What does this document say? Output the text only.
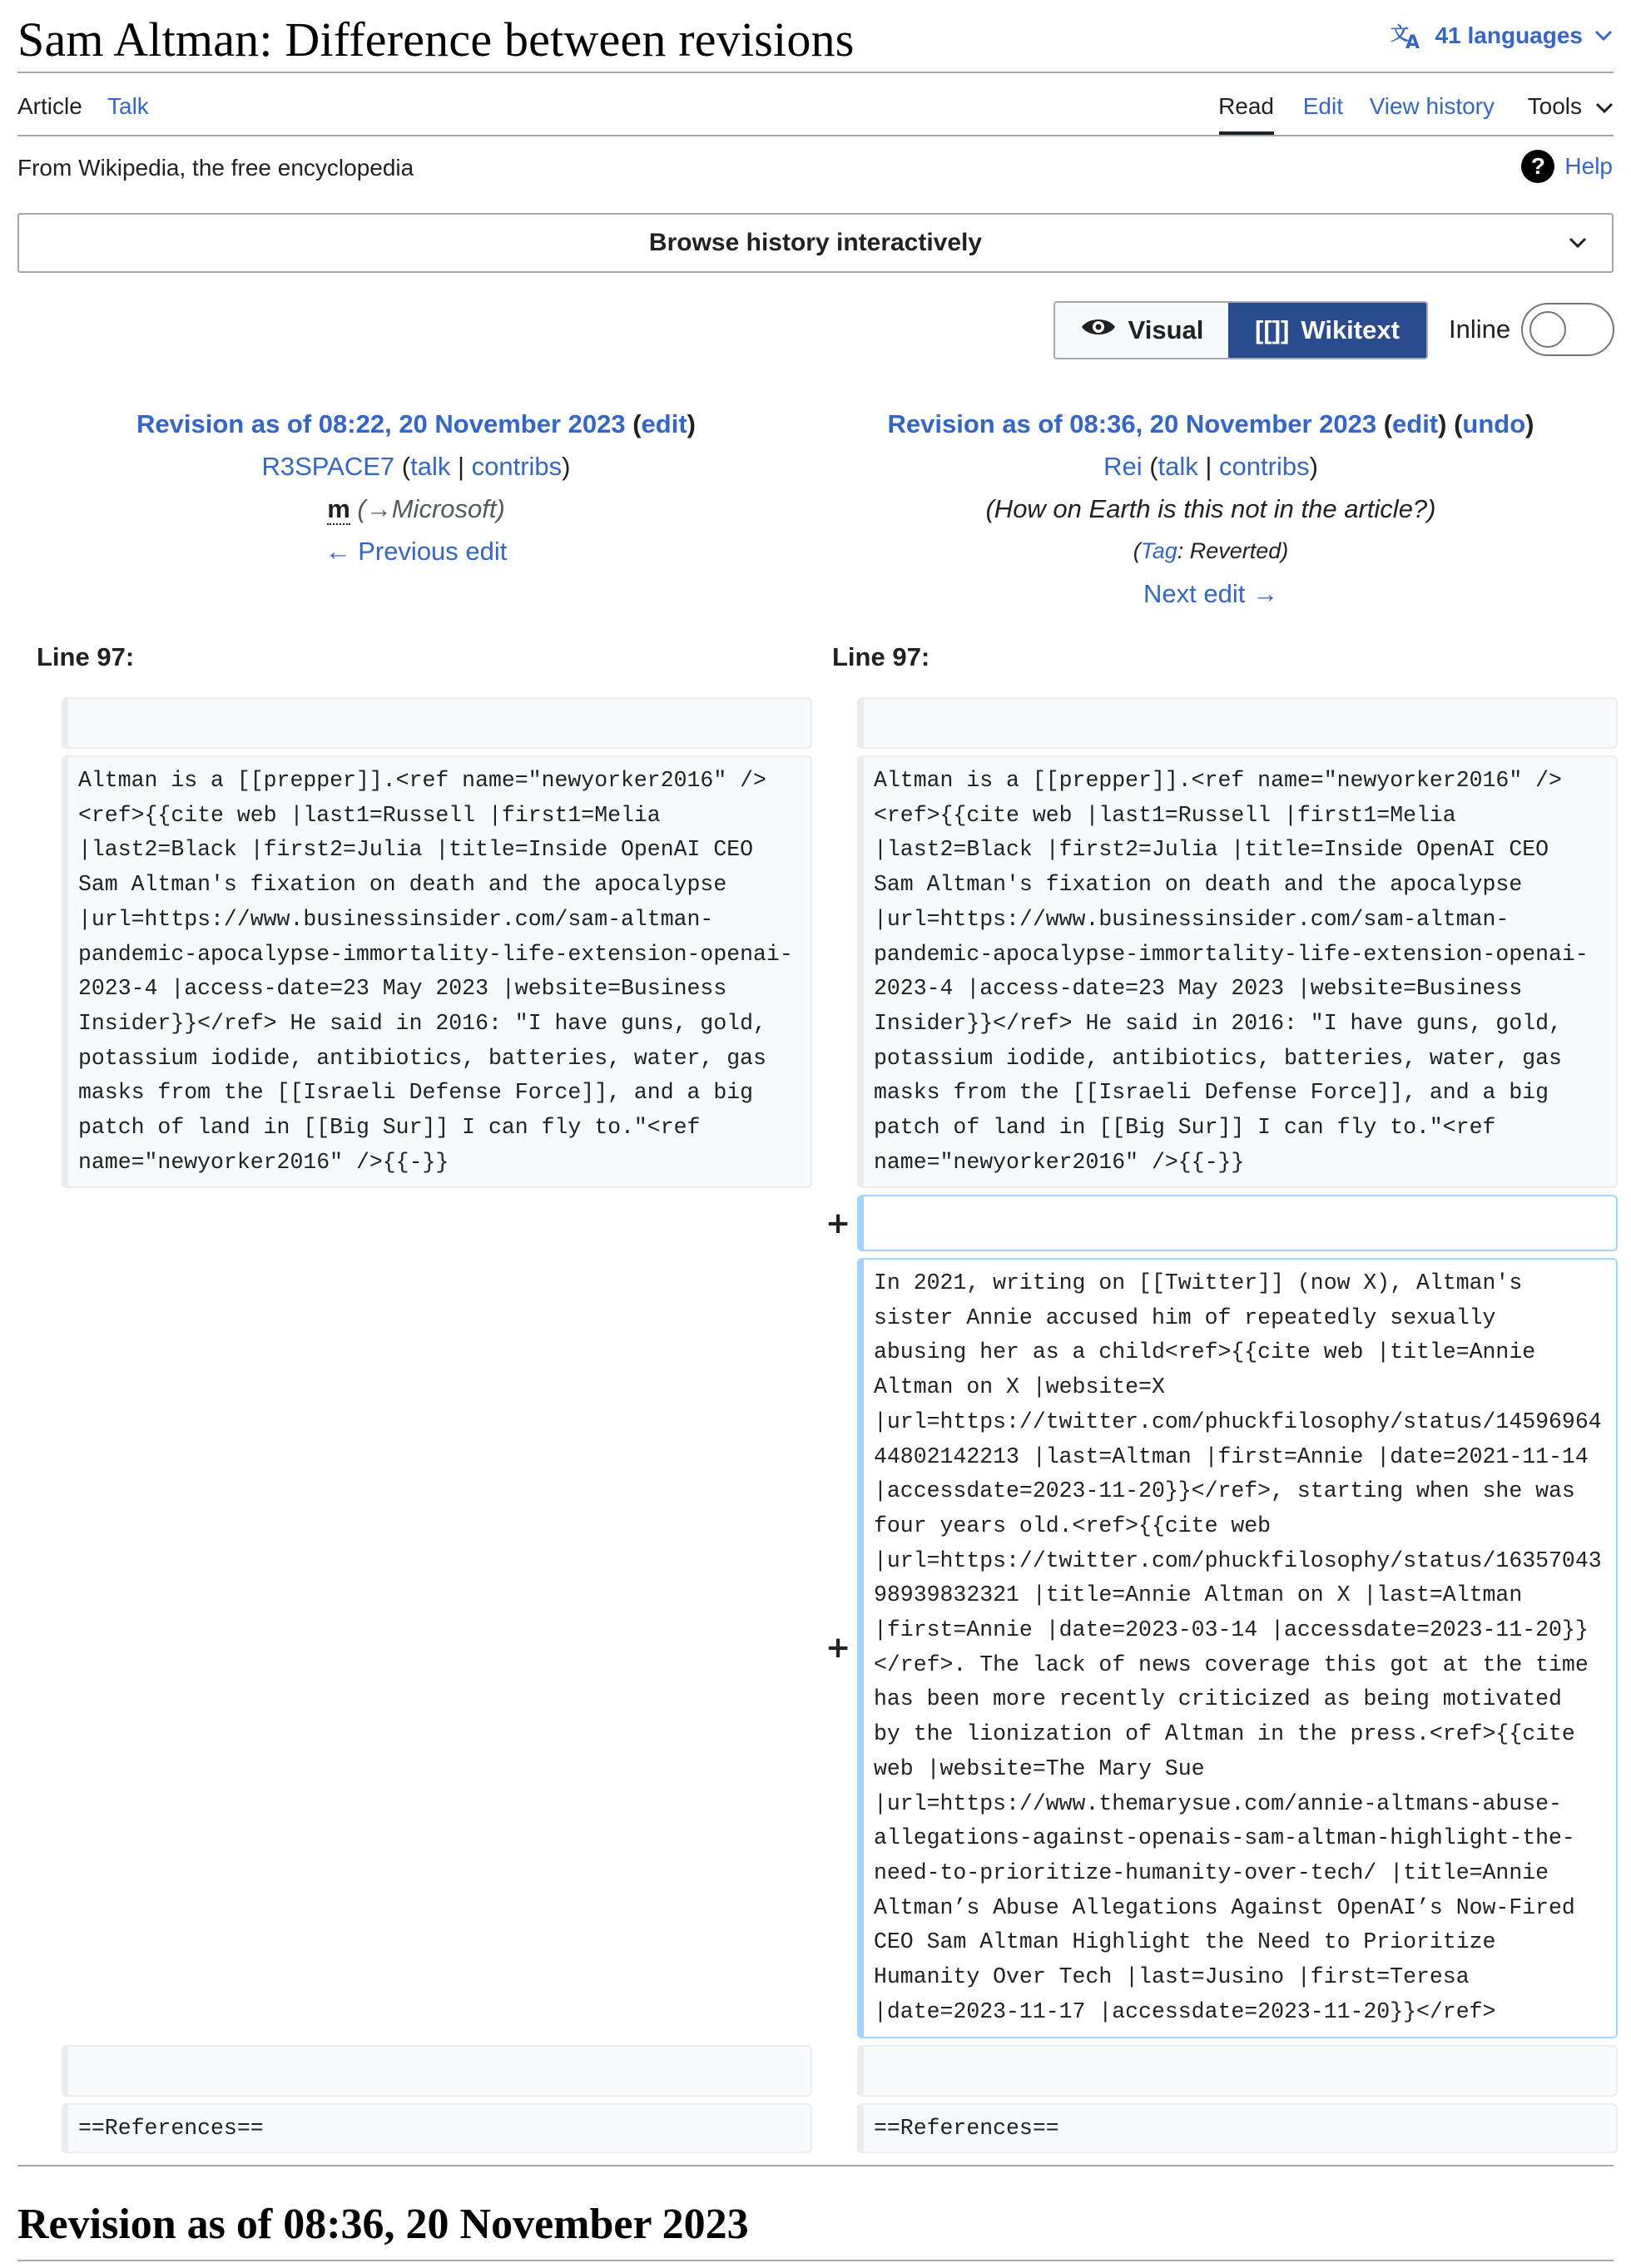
Sam Altman: Difference between revisions	文
A 41 languages
Article Talk	Read Edit View history Tools
From Wikipedia, the free encyclopedia	? Help
Browse history interactively
Visual [[]] Wikitext Inline
Revision as of 08:22, 20 November 2023 (edit)
R3SPACE7 (talk | contribs)
m (→Microsoft)
← Previous edit
Revision as of 08:36, 20 November 2023 (edit) (undo)
Rei (talk | contribs)
(How on Earth is this not in the article?)
(Tag: Reverted)
Next edit →
Line 97:	Line 97:
Altman is a [[prepper]].<ref name="newyorker2016" />
<ref>{{cite web |last1=Russell |first1=Melia
|last2=Black |first2=Julia |title=Inside OpenAI CEO
Sam Altman's fixation on death and the apocalypse
|url=https://www.businessinsider.com/sam-altman-
pandemic-apocalypse-immortality-life-extension-openai-
2023-4 |access-date=23 May 2023 |website=Business
Insider}}</ref> He said in 2016: "I have guns, gold,
potassium iodide, antibiotics, batteries, water, gas
masks from the [[Israeli Defense Force]], and a big
patch of land in [[Big Sur]] I can fly to."<ref
name="newyorker2016" />{{-}}
Altman is a [[prepper]].<ref name="newyorker2016" />
<ref>{{cite web |last1=Russell |first1=Melia
|last2=Black |first2=Julia |title=Inside OpenAI CEO
Sam Altman's fixation on death and the apocalypse
|url=https://www.businessinsider.com/sam-altman-
pandemic-apocalypse-immortality-life-extension-openai-
2023-4 |access-date=23 May 2023 |website=Business
Insider}}</ref> He said in 2016: "I have guns, gold,
potassium iodide, antibiotics, batteries, water, gas
masks from the [[Israeli Defense Force]], and a big
patch of land in [[Big Sur]] I can fly to."<ref
name="newyorker2016" />{{-}}
+
+
In 2021, writing on [[Twitter]] (now X), Altman's
sister Annie accused him of repeatedly sexually
abusing her as a child<ref>{{cite web |title=Annie
Altman on X |website=X
|url=https://twitter.com/phuckfilosophy/status/14596964
44802142213 |last=Altman |first=Annie |date=2021-11-14
|accessdate=2023-11-20}}</ref>, starting when she was
four years old.<ref>{{cite web
|url=https://twitter.com/phuckfilosophy/status/16357043
98939832321 |title=Annie Altman on X |last=Altman
|first=Annie |date=2023-03-14 |accessdate=2023-11-20}}
</ref>. The lack of news coverage this got at the time
has been more recently criticized as being motivated
by the lionization of Altman in the press.<ref>{{cite
web |website=The Mary Sue
|url=https://www.themarysue.com/annie-altmans-abuse-
allegations-against-openais-sam-altman-highlight-the-
need-to-prioritize-humanity-over-tech/ |title=Annie
Altman’s Abuse Allegations Against OpenAI’s Now-Fired
CEO Sam Altman Highlight the Need to Prioritize
Humanity Over Tech |last=Jusino |first=Teresa
|date=2023-11-17 |accessdate=2023-11-20}}</ref>
==References==	==References==
Revision as of 08:36, 20 November 2023
